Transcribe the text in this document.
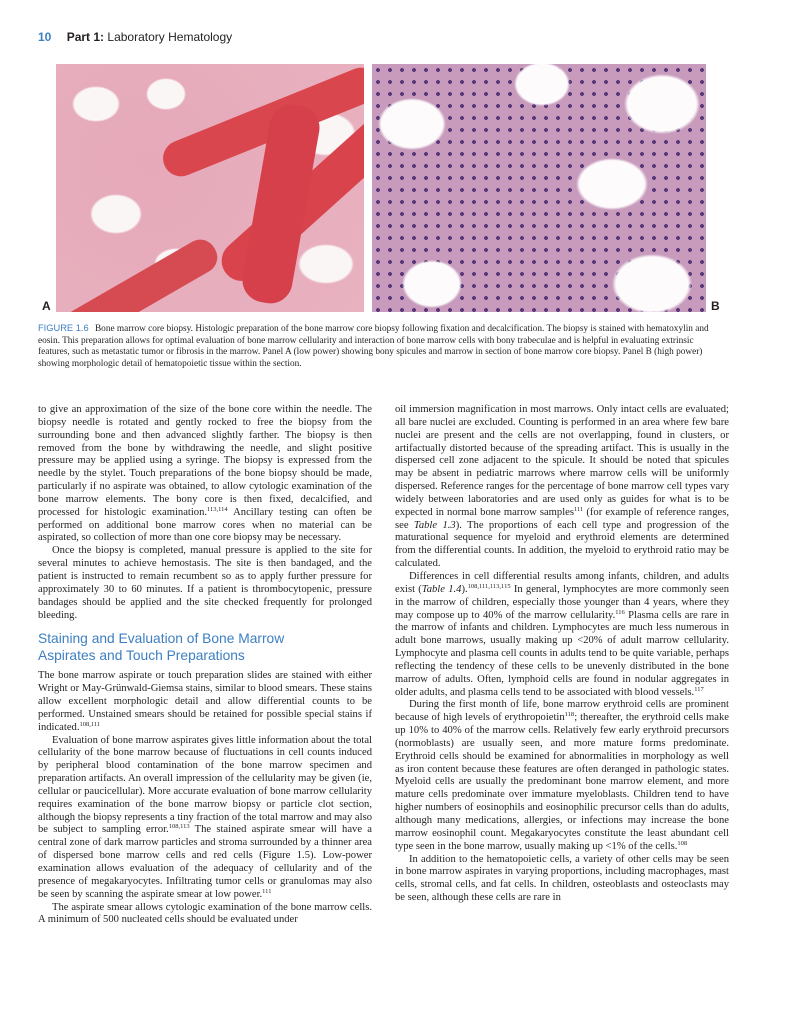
10 Part 1: Laboratory Hematology
A	B
FIGURE 1.6 Bone marrow core biopsy. Histologic preparation of the bone marrow core biopsy following fixation and decalcification. The biopsy is stained with hematoxylin and eosin. This preparation allows for optimal evaluation of bone marrow cellularity and interaction of bone marrow cells with bony trabeculae and is helpful in evaluating extrinsic features, such as metastatic tumor or fibrosis in the marrow. Panel A (low power) showing bony spicules and marrow in section of bone marrow core biopsy. Panel B (high power) showing morphologic detail of hematopoietic tissue within the section.

to give an approximation of the size of the bone core within the needle. The biopsy needle is rotated and gently rocked to free the biopsy from the surrounding bone and then advanced slightly farther. The biopsy is then removed from the bone by withdrawing the needle, and slight positive pressure may be applied using a syringe. The biopsy is expressed from the needle by the stylet. Touch preparations of the bone biopsy should be made, particularly if no aspirate was obtained, to allow cytologic examination of the bone marrow elements. The bony core is then fixed, decalcified, and processed for histologic examination.$^{113,114}$ Ancillary testing can often be performed on additional bone marrow cores when no material can be aspirated, so collection of more than one core biopsy may be necessary.

Once the biopsy is completed, manual pressure is applied to the site for several minutes to achieve hemostasis. The site is then bandaged, and the patient is instructed to remain recumbent so as to apply further pressure for approximately 30 to 60 minutes. If a patient is thrombocytopenic, pressure bandages should be applied and the site checked frequently for prolonged bleeding.

Staining and Evaluation of Bone Marrow
Aspirates and Touch Preparations

The bone marrow aspirate or touch preparation slides are stained with either Wright or May-Grünwald-Giemsa stains, similar to blood smears. These stains allow excellent morphologic detail and allow differential counts to be performed. Unstained smears should be retained for possible special stains if indicated.$^{108,111}$

Evaluation of bone marrow aspirates gives little information about the total cellularity of the bone marrow because of fluctuations in cell counts induced by peripheral blood contamination of the bone marrow specimen and preparation artifacts. An overall impression of the cellularity may be given (ie, cellular or paucicellular). More accurate evaluation of bone marrow cellularity requires examination of the bone marrow biopsy or particle clot section, although the biopsy represents a tiny fraction of the total marrow and may also be subject to sampling error.$^{108,113}$ The stained aspirate smear will have a central zone of dark marrow particles and stroma surrounded by a thinner area of dispersed bone marrow cells and red cells (Figure 1.5). Low-power examination allows evaluation of the adequacy of cellularity and of the presence of megakaryocytes. Infiltrating tumor cells or granulomas may also be seen by scanning the aspirate smear at low power.$^{111}$

The aspirate smear allows cytologic examination of the bone marrow cells. A minimum of 500 nucleated cells should be evaluated under

oil immersion magnification in most marrows. Only intact cells are evaluated; all bare nuclei are excluded. Counting is performed in an area where few bare nuclei are present and the cells are not overlapping, found in clusters, or artifactually distorted because of the spreading artifact. This is usually in the dispersed cell zone adjacent to the spicule. It should be noted that spicules may be absent in pediatric marrows where marrow cells will be uniformly dispersed. Reference ranges for the percentage of bone marrow cell types vary widely between laboratories and are used only as guides for what is to be expected in normal bone marrow samples$^{111}$ (for example of reference ranges, see Table 1.3). The proportions of each cell type and progression of the maturational sequence for myeloid and erythroid elements are determined from the differential counts. In addition, the myeloid to erythroid ratio may be calculated.

Differences in cell differential results among infants, children, and adults exist (Table 1.4).$^{108,111,113,115}$ In general, lymphocytes are more commonly seen in the marrow of children, especially those younger than 4 years, where they may compose up to 40% of the marrow cellularity.$^{116}$ Plasma cells are rare in the marrow of infants and children. Lymphocytes are much less numerous in adult bone marrows, usually making up <20% of adult marrow cellularity. Lymphocyte and plasma cell counts in adults tend to be quite variable, perhaps reflecting the tendency of these cells to be unevenly distributed in the bone marrow of adults. Often, lymphoid cells are found in nodular aggregates in older adults, and plasma cells tend to be associated with blood vessels.$^{117}$

During the first month of life, bone marrow erythroid cells are prominent because of high levels of erythropoietin$^{118}$; thereafter, the erythroid cells make up 10% to 40% of the marrow cells. Relatively few early erythroid precursors (normoblasts) are usually seen, and more mature forms predominate. Erythroid cells should be examined for abnormalities in morphology as well as iron content because these features are often deranged in pathologic states. Myeloid cells are usually the predominant bone marrow element, and more mature cells predominate over immature myeloblasts. Children tend to have higher numbers of eosinophils and eosinophilic precursor cells than do adults, although many medications, allergies, or infections may increase the bone marrow eosinophil count. Megakaryocytes constitute the least abundant cell type seen in the bone marrow, usually making up <1% of the cells.$^{108}$

In addition to the hematopoietic cells, a variety of other cells may be seen in bone marrow aspirates in varying proportions, including macrophages, mast cells, stromal cells, and fat cells. In children, osteoblasts and osteoclasts may be seen, although these cells are rare in
